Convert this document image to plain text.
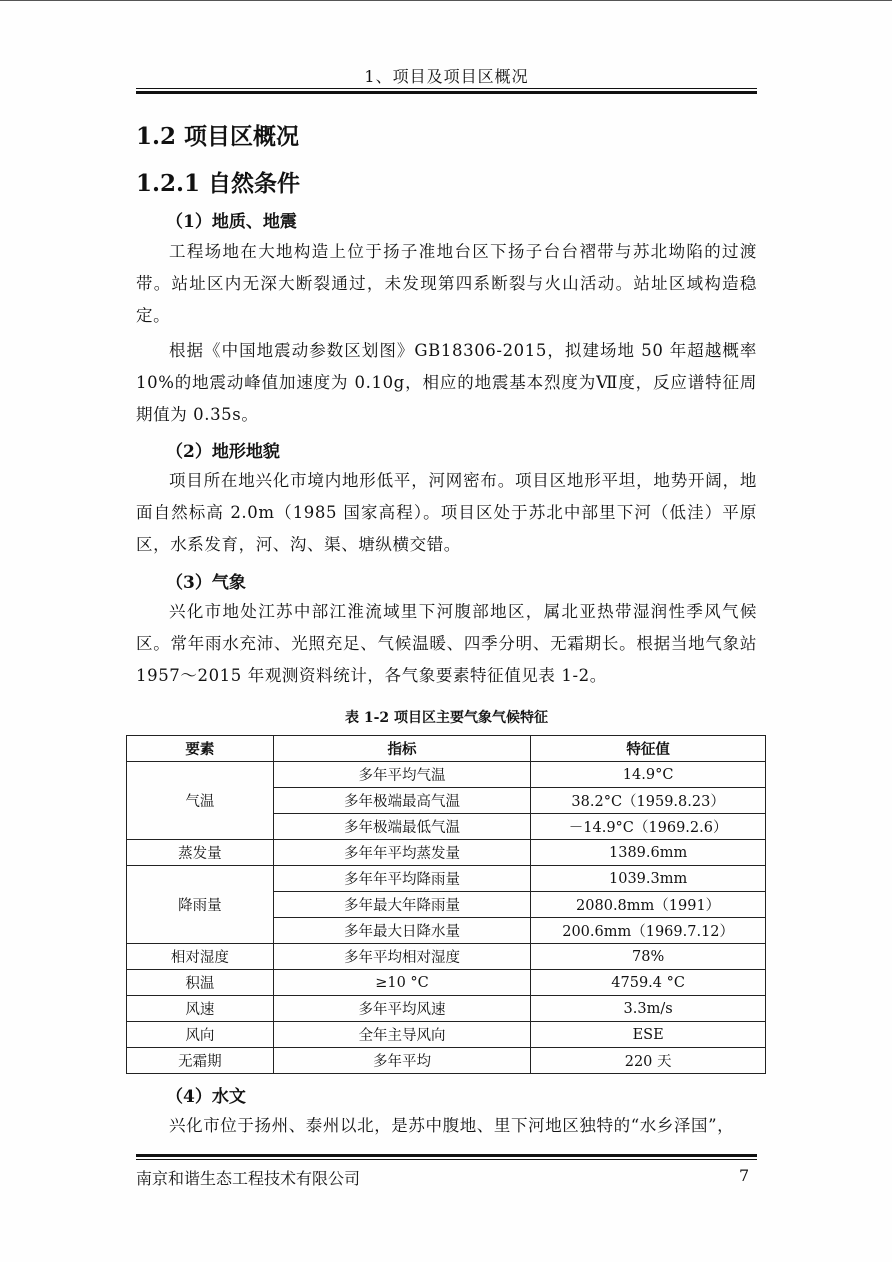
1、项目及项目区概况
1.2 项目区概况
1.2.1 自然条件
（1）地质、地震
工程场地在大地构造上位于扬子准地台区下扬子台台褶带与苏北坳陷的过渡带。站址区内无深大断裂通过，未发现第四系断裂与火山活动。站址区域构造稳定。
根据《中国地震动参数区划图》GB18306-2015，拟建场地 50 年超越概率 10%的地震动峰值加速度为 0.10g，相应的地震基本烈度为Ⅶ度，反应谱特征周期值为 0.35s。
（2）地形地貌
项目所在地兴化市境内地形低平，河网密布。项目区地形平坦，地势开阔，地面自然标高 2.0m（1985 国家高程）。项目区处于苏北中部里下河（低洼）平原区，水系发育，河、沟、渠、塘纵横交错。
（3）气象
兴化市地处江苏中部江淮流域里下河腹部地区，属北亚热带湿润性季风气候区。常年雨水充沛、光照充足、气候温暖、四季分明、无霜期长。根据当地气象站 1957～2015 年观测资料统计，各气象要素特征值见表 1-2。
表 1-2 项目区主要气象气候特征
要素	指标	特征值
气温	多年平均气温	14.9°C
	多年极端最高气温	38.2°C（1959.8.23）
	多年极端最低气温	－14.9°C（1969.2.6）
蒸发量	多年年平均蒸发量	1389.6mm
降雨量	多年年平均降雨量	1039.3mm
	多年最大年降雨量	2080.8mm（1991）
	多年最大日降水量	200.6mm（1969.7.12）
相对湿度	多年平均相对湿度	78%
积温	≥10 °C	4759.4 °C
风速	多年平均风速	3.3m/s
风向	全年主导风向	ESE
无霜期	多年平均	220 天
（4）水文
兴化市位于扬州、泰州以北，是苏中腹地、里下河地区独特的“水乡泽国”，
南京和谐生态工程技术有限公司	7
